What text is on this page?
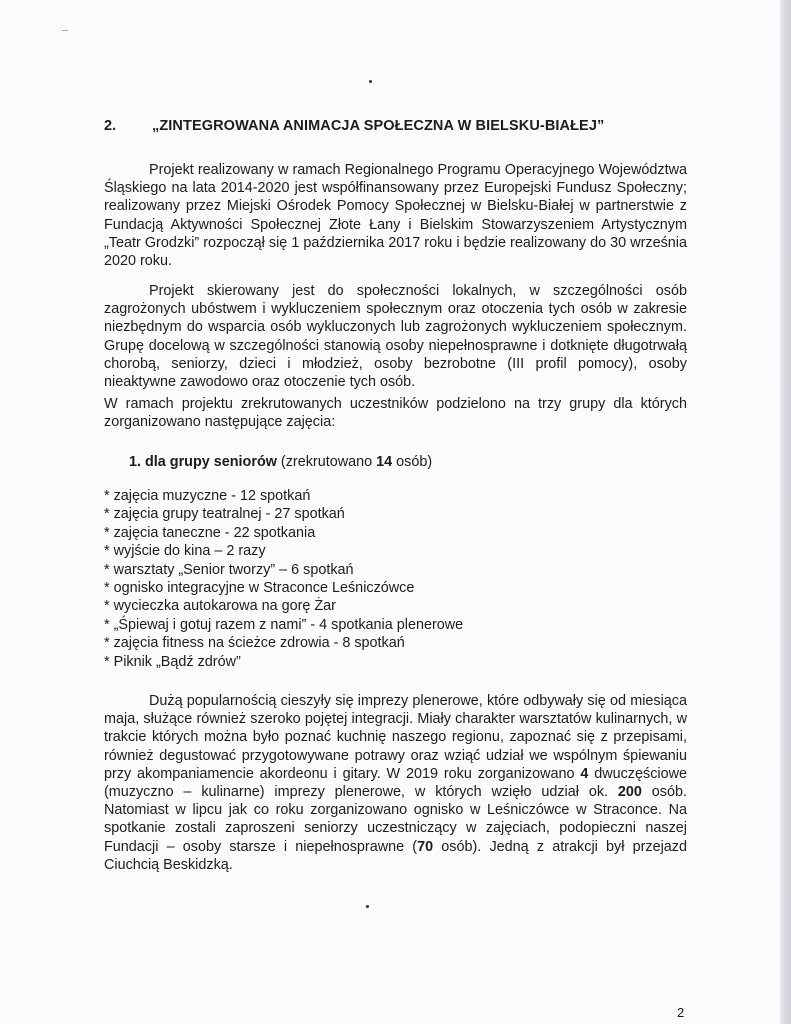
2. „ZINTEGROWANA ANIMACJA SPOŁECZNA W BIELSKU-BIAŁEJ”

Projekt realizowany w ramach Regionalnego Programu Operacyjnego Województwa Śląskiego na lata 2014-2020 jest współfinansowany przez Europejski Fundusz Społeczny; realizowany przez Miejski Ośrodek Pomocy Społecznej w Bielsku-Białej w partnerstwie z Fundacją Aktywności Społecznej Złote Łany i Bielskim Stowarzyszeniem Artystycznym „Teatr Grodzki” rozpoczął się 1 października 2017 roku i będzie realizowany do 30 września 2020 roku.

Projekt skierowany jest do społeczności lokalnych, w szczególności osób zagrożonych ubóstwem i wykluczeniem społecznym oraz otoczenia tych osób w zakresie niezbędnym do wsparcia osób wykluczonych lub zagrożonych wykluczeniem społecznym. Grupę docelową w szczególności stanowią osoby niepełnosprawne i dotknięte długotrwałą chorobą, seniorzy, dzieci i młodzież, osoby bezrobotne (III profil pomocy), osoby nieaktywne zawodowo oraz otoczenie tych osób.

W ramach projektu zrekrutowanych uczestników podzielono na trzy grupy dla których zorganizowano następujące zajęcia:

1. dla grupy seniorów (zrekrutowano 14 osób)
* zajęcia muzyczne - 12 spotkań
* zajęcia grupy teatralnej - 27 spotkań
* zajęcia taneczne - 22 spotkania
* wyjście do kina – 2 razy
* warsztaty „Senior tworzy” – 6 spotkań
* ognisko integracyjne w Straconce Leśniczówce
* wycieczka autokarowa na gorę Żar
* „Śpiewaj i gotuj razem z nami” - 4 spotkania plenerowe
* zajęcia fitness na ścieżce zdrowia - 8 spotkań
* Piknik „Bądź zdrów”

Dużą popularnością cieszyły się imprezy plenerowe, które odbywały się od miesiąca maja, służące również szeroko pojętej integracji. Miały charakter warsztatów kulinarnych, w trakcie których można było poznać kuchnię naszego regionu, zapoznać się z przepisami, również degustować przygotowywane potrawy oraz wziąć udział we wspólnym śpiewaniu przy akompaniamencie akordeonu i gitary. W 2019 roku zorganizowano 4 dwuczęściowe (muzyczno – kulinarne) imprezy plenerowe, w których wzięło udział ok. 200 osób. Natomiast w lipcu jak co roku zorganizowano ognisko w Leśniczówce w Straconce. Na spotkanie zostali zaproszeni seniorzy uczestniczący w zajęciach, podopieczni naszej Fundacji – osoby starsze i niepełnosprawne (70 osób). Jedną z atrakcji był przejazd Ciuchcią Beskidzką.

2
